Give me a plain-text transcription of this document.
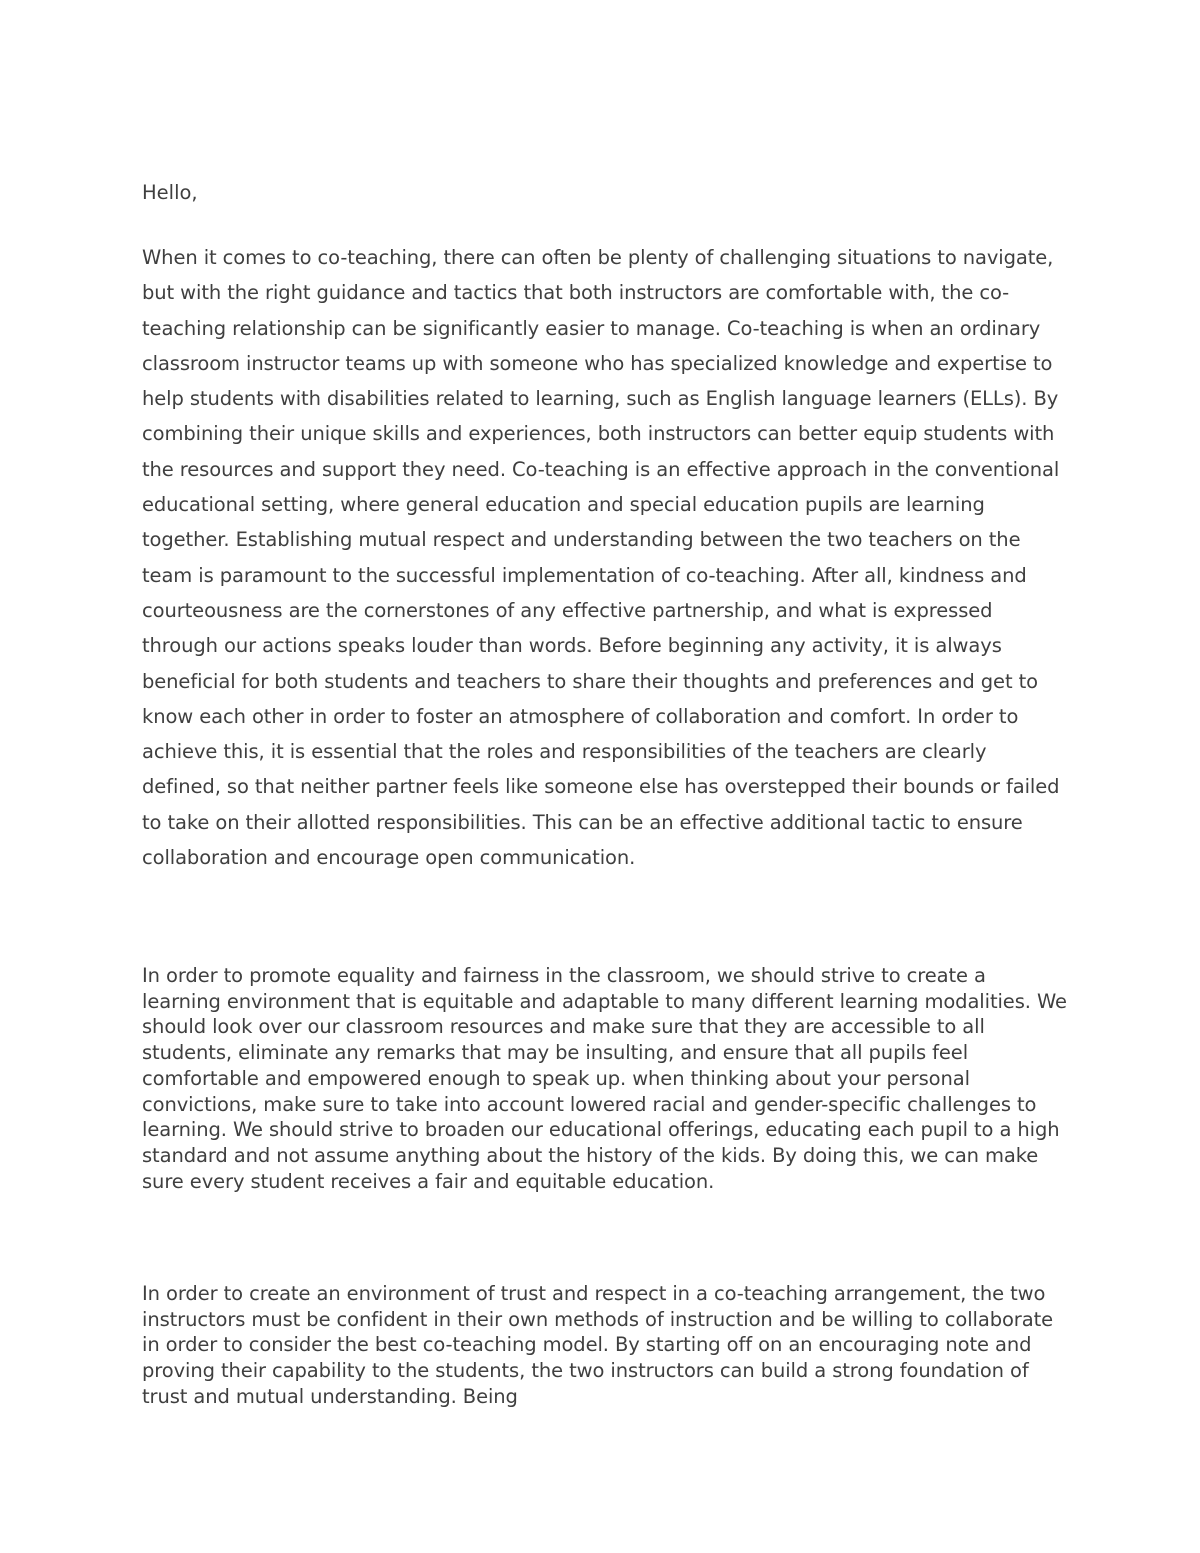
Hello,

When it comes to co-teaching, there can often be plenty of challenging situations to navigate, but with the right guidance and tactics that both instructors are comfortable with, the co-teaching relationship can be significantly easier to manage. Co-teaching is when an ordinary classroom instructor teams up with someone who has specialized knowledge and expertise to help students with disabilities related to learning, such as English language learners (ELLs). By combining their unique skills and experiences, both instructors can better equip students with the resources and support they need. Co-teaching is an effective approach in the conventional educational setting, where general education and special education pupils are learning together. Establishing mutual respect and understanding between the two teachers on the team is paramount to the successful implementation of co-teaching. After all, kindness and courteousness are the cornerstones of any effective partnership, and what is expressed through our actions speaks louder than words. Before beginning any activity, it is always beneficial for both students and teachers to share their thoughts and preferences and get to know each other in order to foster an atmosphere of collaboration and comfort. In order to achieve this, it is essential that the roles and responsibilities of the teachers are clearly defined, so that neither partner feels like someone else has overstepped their bounds or failed to take on their allotted responsibilities. This can be an effective additional tactic to ensure collaboration and encourage open communication.

In order to promote equality and fairness in the classroom, we should strive to create a learning environment that is equitable and adaptable to many different learning modalities. We should look over our classroom resources and make sure that they are accessible to all students, eliminate any remarks that may be insulting, and ensure that all pupils feel comfortable and empowered enough to speak up. when thinking about your personal convictions, make sure to take into account lowered racial and gender-specific challenges to learning. We should strive to broaden our educational offerings, educating each pupil to a high standard and not assume anything about the history of the kids. By doing this, we can make sure every student receives a fair and equitable education.

In order to create an environment of trust and respect in a co-teaching arrangement, the two instructors must be confident in their own methods of instruction and be willing to collaborate in order to consider the best co-teaching model. By starting off on an encouraging note and proving their capability to the students, the two instructors can build a strong foundation of trust and mutual understanding. Being
